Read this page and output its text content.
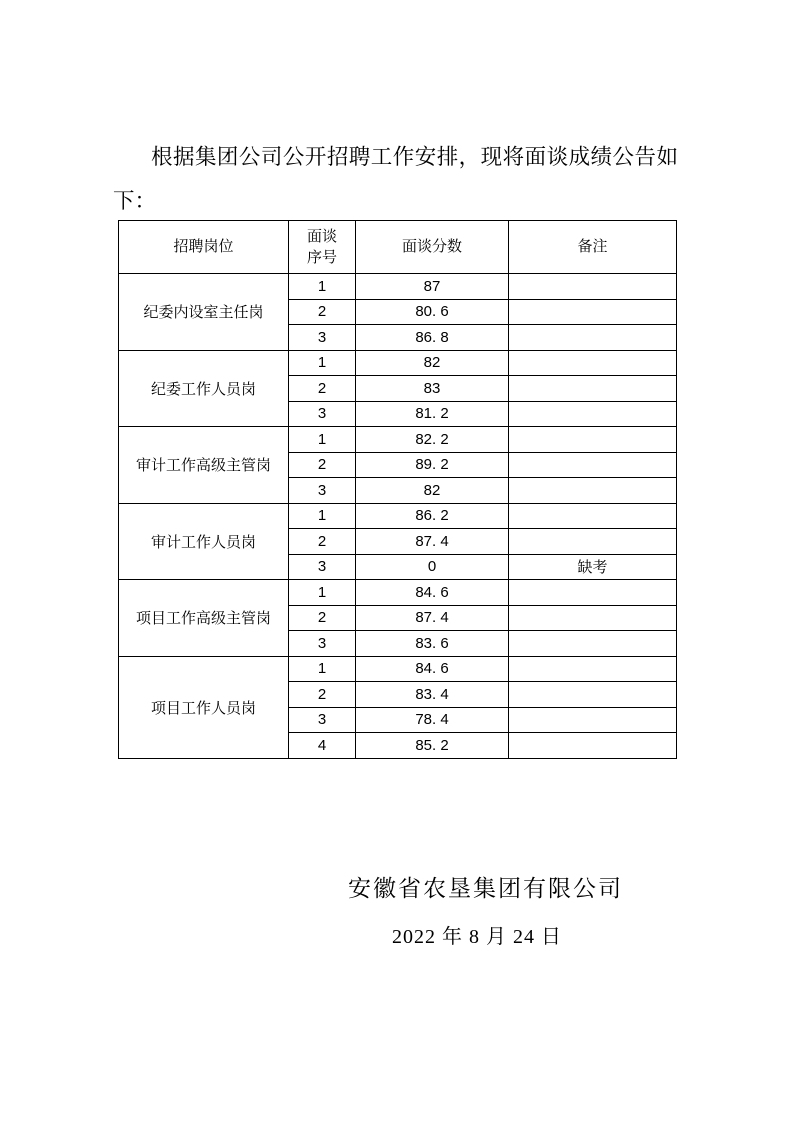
根据集团公司公开招聘工作安排，现将面谈成绩公告如下：

招聘岗位	面谈序号	面谈分数	备注
纪委内设室主任岗	1	87	
	2	80. 6	
	3	86. 8	
纪委工作人员岗	1	82	
	2	83	
	3	81. 2	
审计工作高级主管岗	1	82. 2	
	2	89. 2	
	3	82	
审计工作人员岗	1	86. 2	
	2	87. 4	
	3	0	缺考
项目工作高级主管岗	1	84. 6	
	2	87. 4	
	3	83. 6	
项目工作人员岗	1	84. 6	
	2	83. 4	
	3	78. 4	
	4	85. 2	
安徽省农垦集团有限公司
2022 年 8 月 24 日
